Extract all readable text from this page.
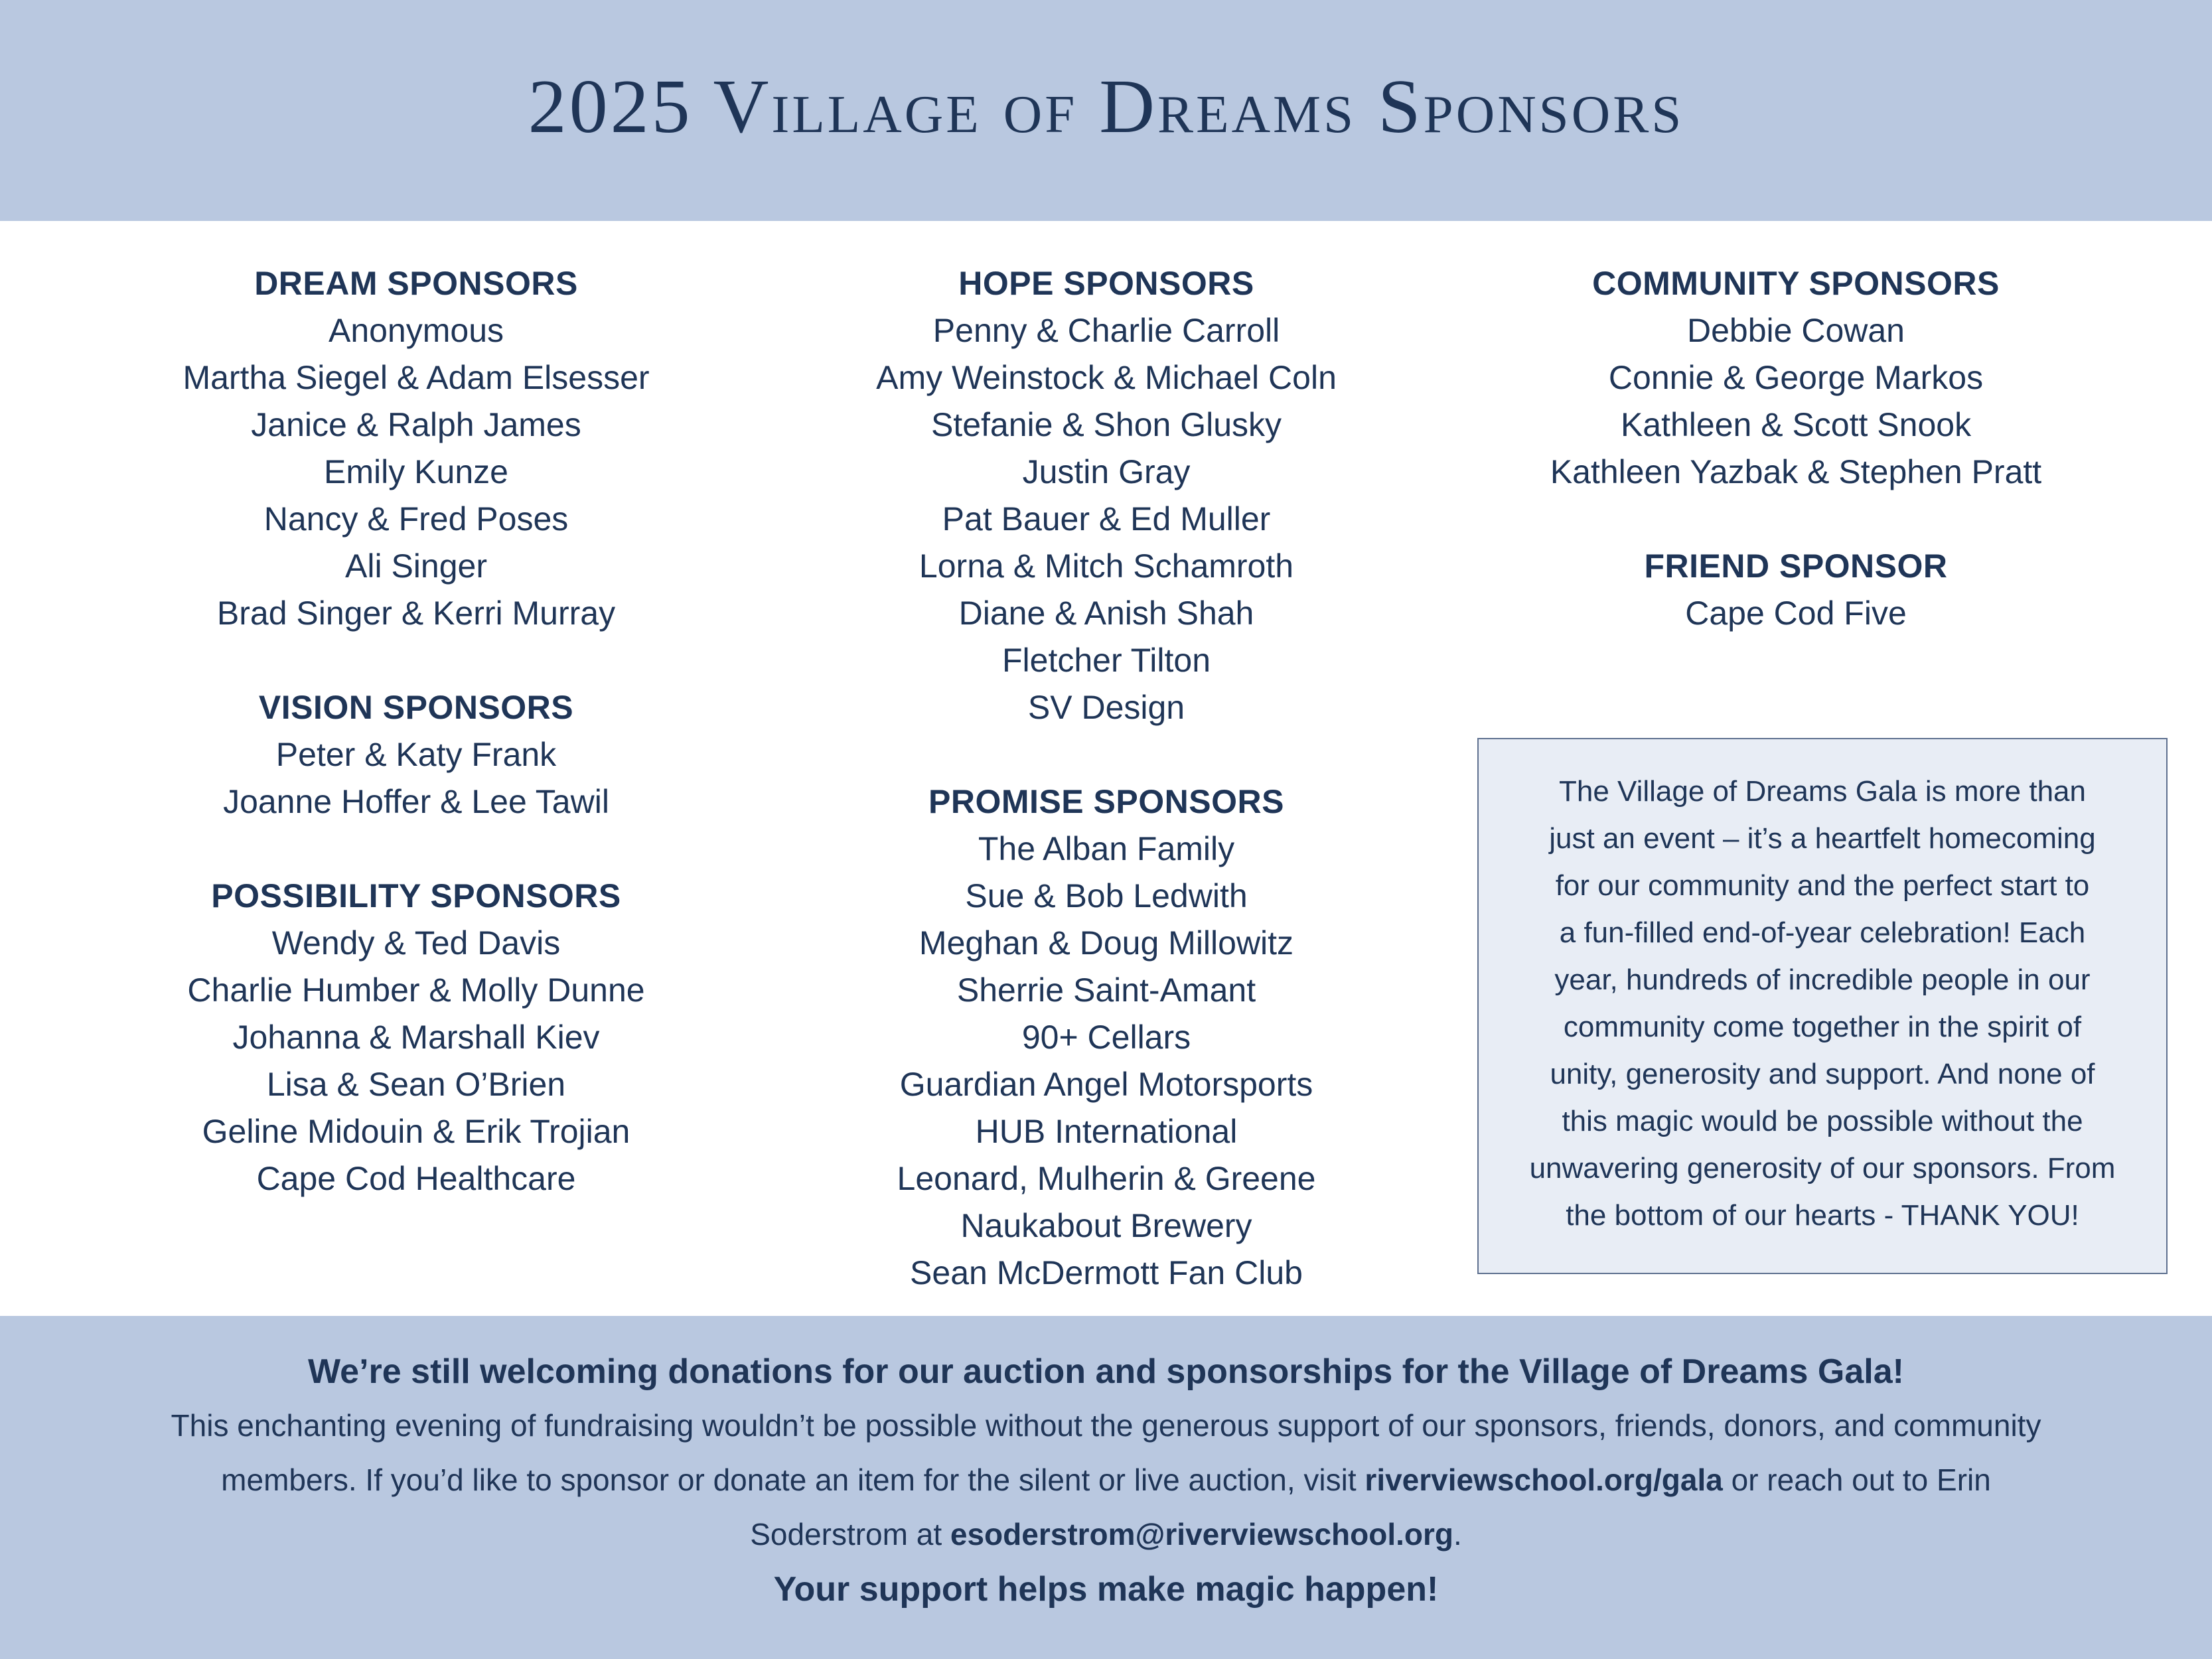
2025 Village of Dreams Sponsors
DREAM SPONSORS
Anonymous
Martha Siegel & Adam Elsesser
Janice & Ralph James
Emily Kunze
Nancy & Fred Poses
Ali Singer
Brad Singer & Kerri Murray
VISION SPONSORS
Peter & Katy Frank
Joanne Hoffer & Lee Tawil
POSSIBILITY SPONSORS
Wendy & Ted Davis
Charlie Humber & Molly Dunne
Johanna & Marshall Kiev
Lisa & Sean O’Brien
Geline Midouin & Erik Trojian
Cape Cod Healthcare
HOPE SPONSORS
Penny & Charlie Carroll
Amy Weinstock & Michael Coln
Stefanie & Shon Glusky
Justin Gray
Pat Bauer & Ed Muller
Lorna & Mitch Schamroth
Diane & Anish Shah
Fletcher Tilton
SV Design
PROMISE SPONSORS
The Alban Family
Sue & Bob Ledwith
Meghan & Doug Millowitz
Sherrie Saint-Amant
90+ Cellars
Guardian Angel Motorsports
HUB International
Leonard, Mulherin & Greene
Naukabout Brewery
Sean McDermott Fan Club
COMMUNITY SPONSORS
Debbie Cowan
Connie & George Markos
Kathleen & Scott Snook
Kathleen Yazbak & Stephen Pratt
FRIEND SPONSOR
Cape Cod Five

The Village of Dreams Gala is more than
just an event – it’s a heartfelt homecoming
for our community and the perfect start to
a fun-filled end-of-year celebration! Each
year, hundreds of incredible people in our
community come together in the spirit of
unity, generosity and support. And none of
this magic would be possible without the
unwavering generosity of our sponsors. From
the bottom of our hearts - THANK YOU!

We’re still welcoming donations for our auction and sponsorships for the Village of Dreams Gala!
This enchanting evening of fundraising wouldn’t be possible without the generous support of our sponsors, friends, donors, and community members. If you’d like to sponsor or donate an item for the silent or live auction, visit riverviewschool.org/gala or reach out to Erin Soderstrom at esoderstrom@riverviewschool.org.
Your support helps make magic happen!
